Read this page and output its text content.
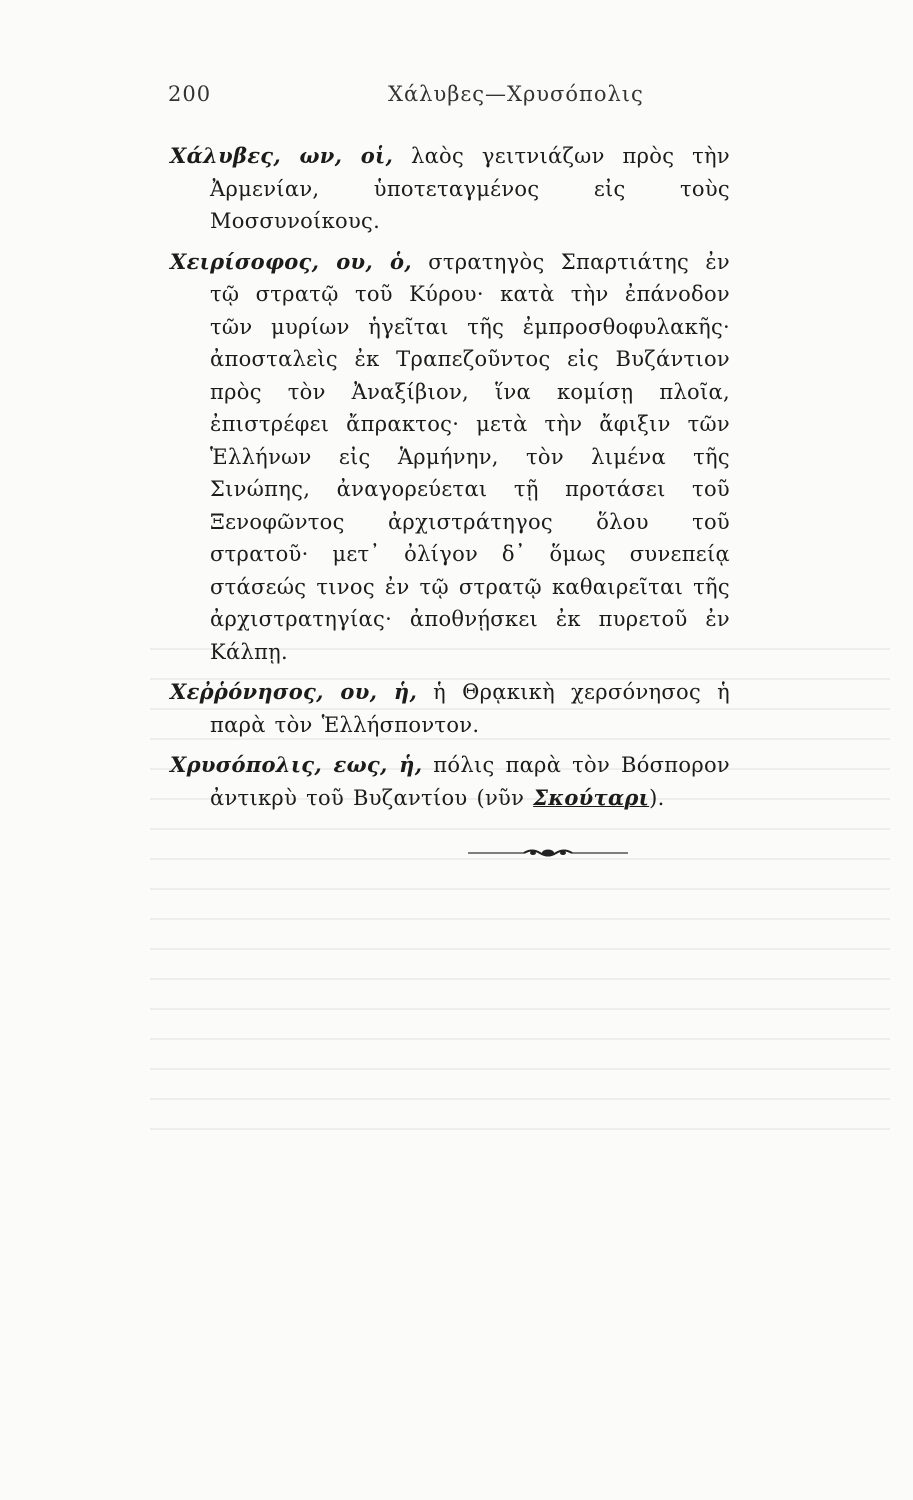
200	Χάλυβες—Χρυσόπολις

Χάλυβες, ων, οἱ, λαὸς γειτνιάζων πρὸς τὴν Ἀρμενίαν, ὑποτεταγμένος εἰς τοὺς Μοσσυνοίκους.

Χειρίσοφος, ου, ὁ, στρατηγὸς Σπαρτιάτης ἐν τῷ στρατῷ τοῦ Κύρου· κατὰ τὴν ἐπάνοδον τῶν μυρίων ἡγεῖται τῆς ἐμπροσθοφυλακῆς· ἀποσταλεὶς ἐκ Τραπεζοῦντος εἰς Βυζάντιον πρὸς τὸν Ἀναξίβιον, ἵνα κομίσῃ πλοῖα, ἐπιστρέφει ἄπρακτος· μετὰ τὴν ἄφιξιν τῶν Ἑλλήνων εἰς Ἁρμήνην, τὸν λιμένα τῆς Σινώπης, ἀναγορεύεται τῇ προτάσει τοῦ Ξενοφῶντος ἀρχιστράτηγος ὅλου τοῦ στρατοῦ· μετ᾽ ὀλίγον δ᾽ ὅμως συνεπείᾳ στάσεώς τινος ἐν τῷ στρατῷ καθαιρεῖται τῆς ἀρχιστρατηγίας· ἀποθνῄσκει ἐκ πυρετοῦ ἐν Κάλπῃ.

Χεῤῥόνησος, ου, ἡ, ἡ Θρᾳκικὴ χερσόνησος ἡ παρὰ τὸν Ἑλλήσποντον.

Χρυσόπολις, εως, ἡ, πόλις παρὰ τὸν Βόσπορον ἀντικρὺ τοῦ Βυζαντίου (νῦν Σκούταρι).
